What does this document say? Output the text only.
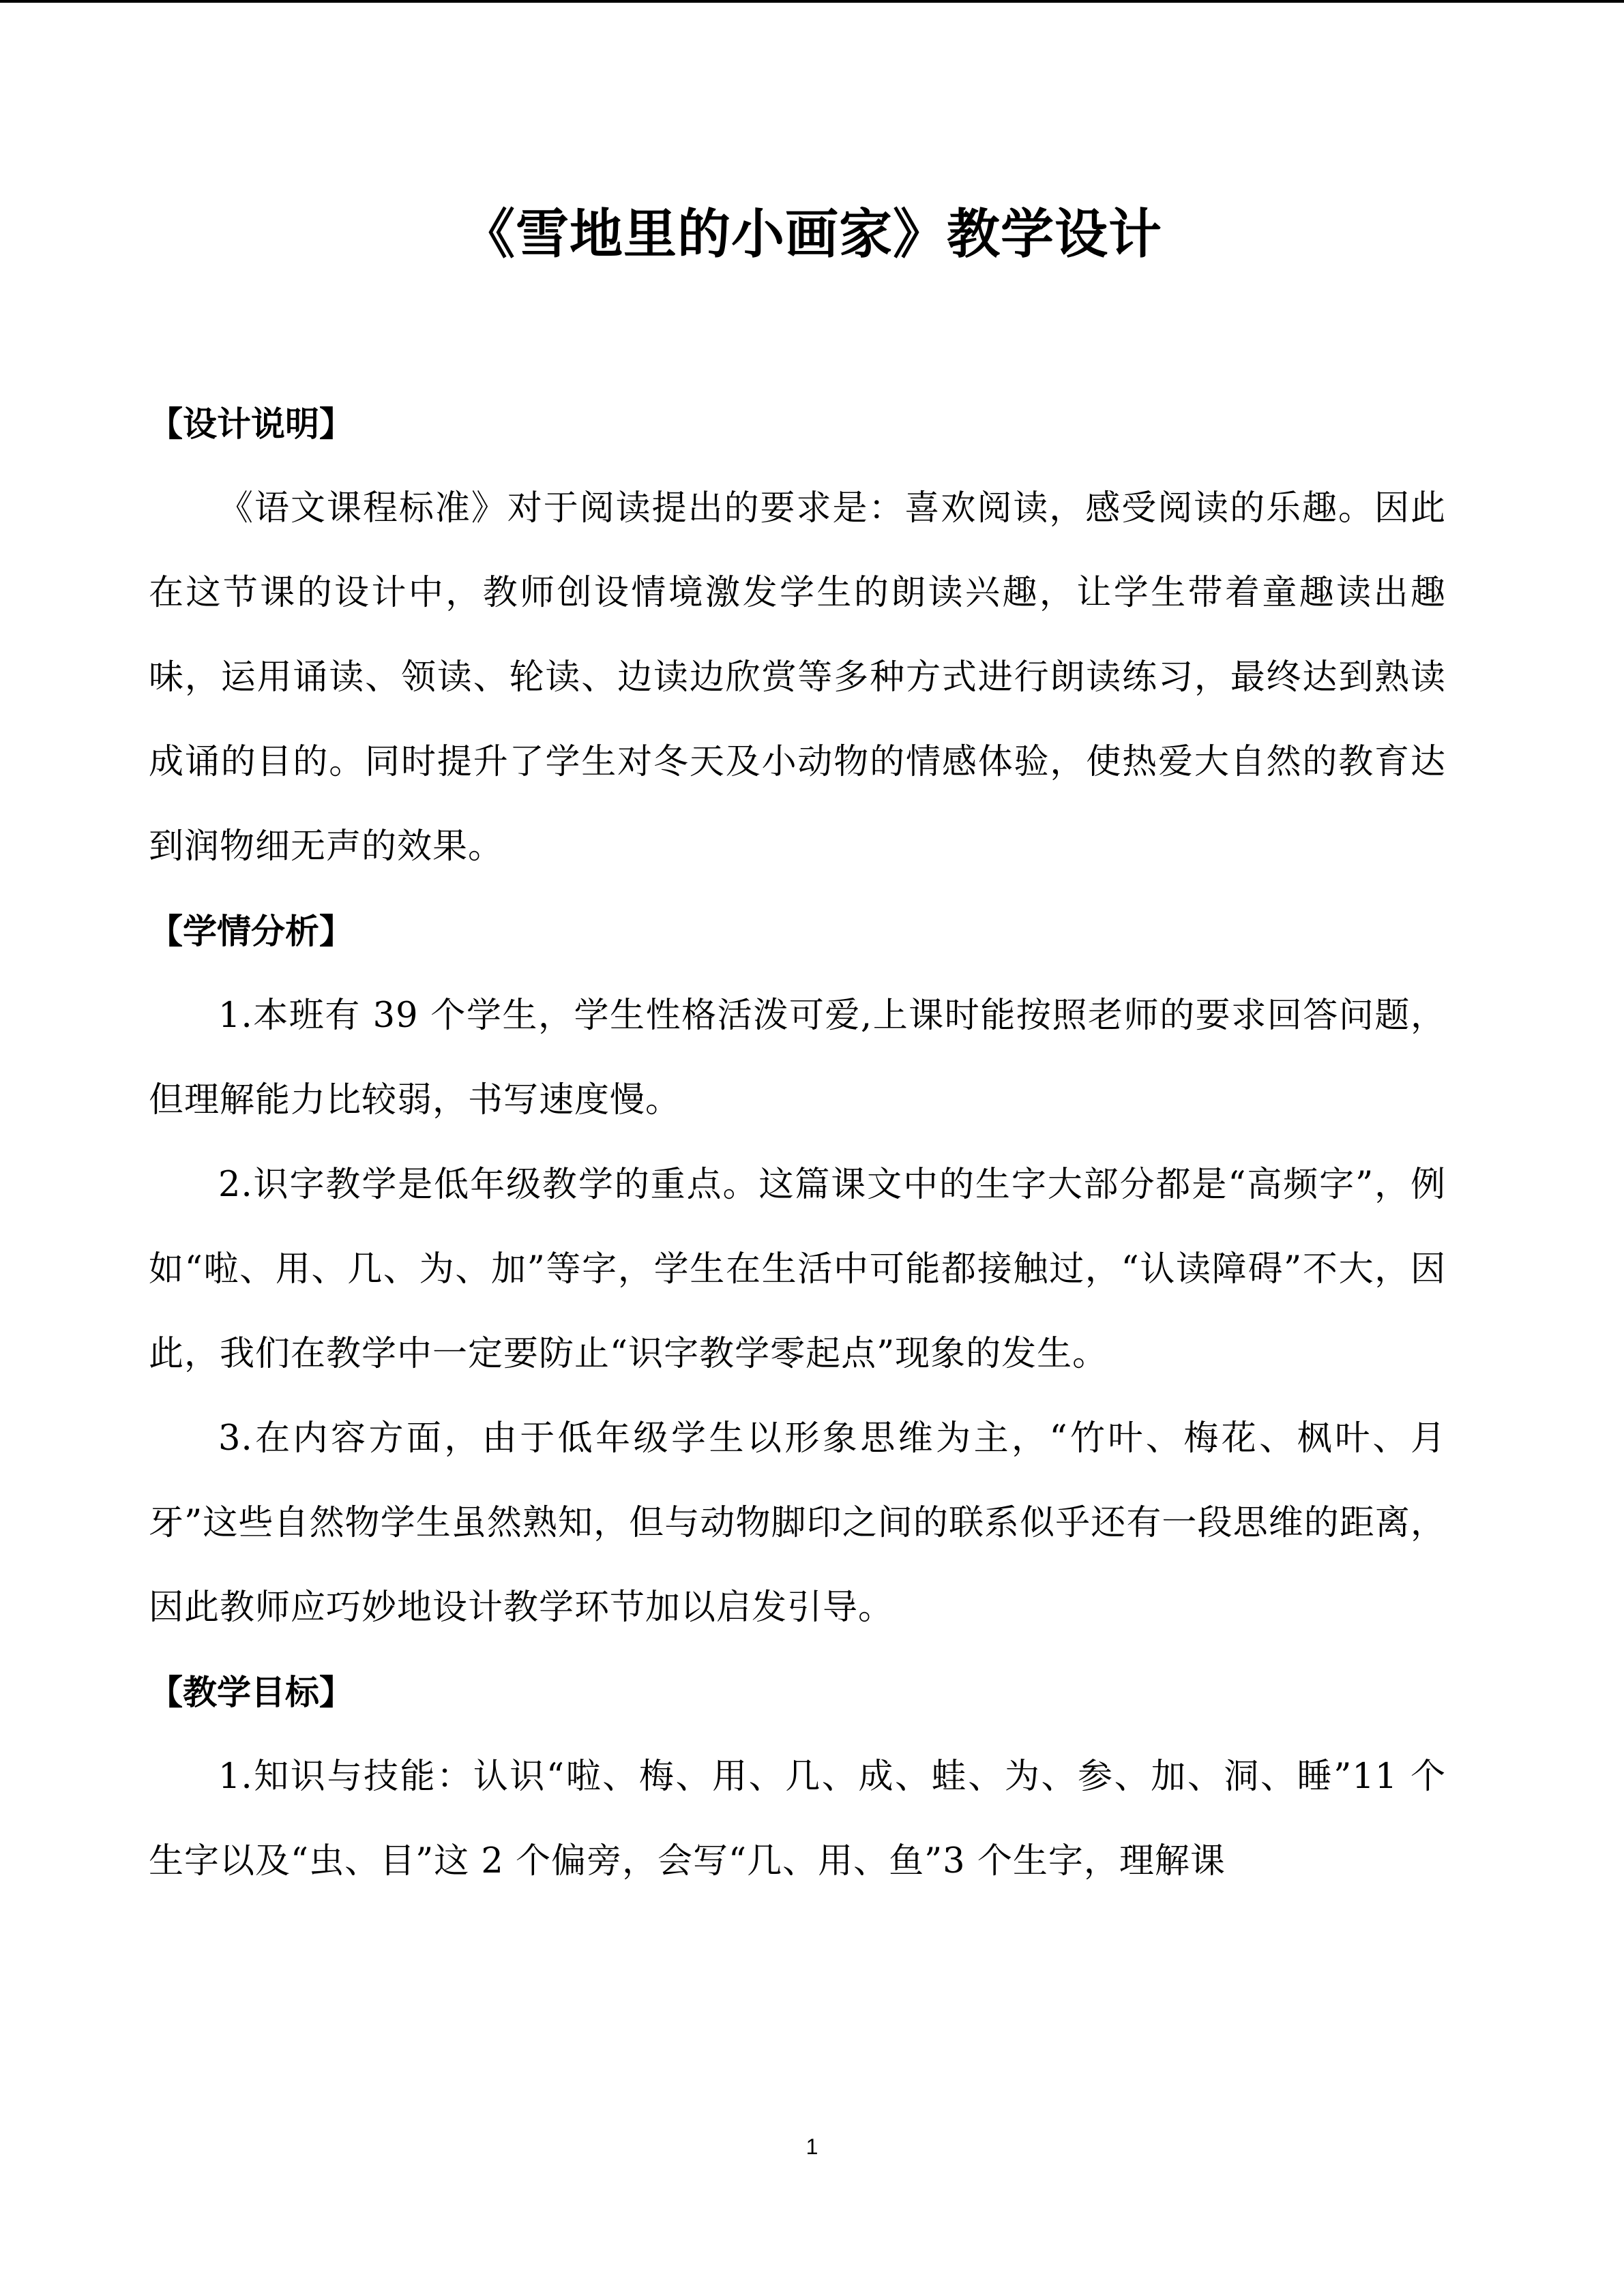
《雪地里的小画家》教学设计
【设计说明】

《语文课程标准》对于阅读提出的要求是：喜欢阅读，感受阅读的乐趣。因此在这节课的设计中，教师创设情境激发学生的朗读兴趣，让学生带着童趣读出趣味，运用诵读、领读、轮读、边读边欣赏等多种方式进行朗读练习，最终达到熟读成诵的目的。同时提升了学生对冬天及小动物的情感体验，使热爱大自然的教育达到润物细无声的效果。

【学情分析】

1.本班有 39 个学生，学生性格活泼可爱,上课时能按照老师的要求回答问题，但理解能力比较弱，书写速度慢。

2.识字教学是低年级教学的重点。这篇课文中的生字大部分都是“高频字”，例如“啦、用、几、为、加”等字，学生在生活中可能都接触过，“认读障碍”不大，因此，我们在教学中一定要防止“识字教学零起点”现象的发生。

3.在内容方面，由于低年级学生以形象思维为主，“竹叶、梅花、枫叶、月牙”这些自然物学生虽然熟知，但与动物脚印之间的联系似乎还有一段思维的距离，因此教师应巧妙地设计教学环节加以启发引导。

【教学目标】

1.知识与技能：认识“啦、梅、用、几、成、蛙、为、参、加、洞、睡”11 个生字以及“虫、目”这 2 个偏旁，会写“几、用、鱼”3 个生字，理解课

1
